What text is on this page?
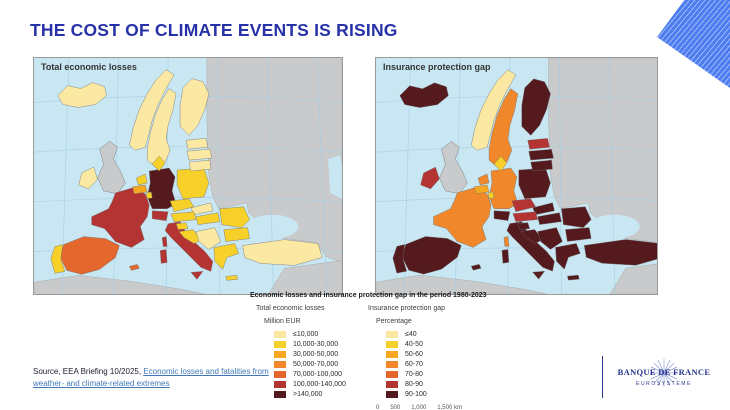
THE COST OF CLIMATE EVENTS IS RISING
Total economic losses	Insurance protection gap
Economic losses and insurance protection gap in the period 1980-2023
Total economic losses
Million EUR
≤10,000
10,000-30,000
30,000-50,000
50,000-70,000
70,000-100,000
100,000-140,000
>140,000
Insurance protection gap
Percentage
≤40
40-50
50-60
60-70
70-80
80-90
90-100
0 500 1,000 1,500 km
Source, EEA Briefing 10/2025, Economic losses and fatalities from weather- and climate-related extremes
BANQUE DE FRANCE
EUROSYSTÈME
